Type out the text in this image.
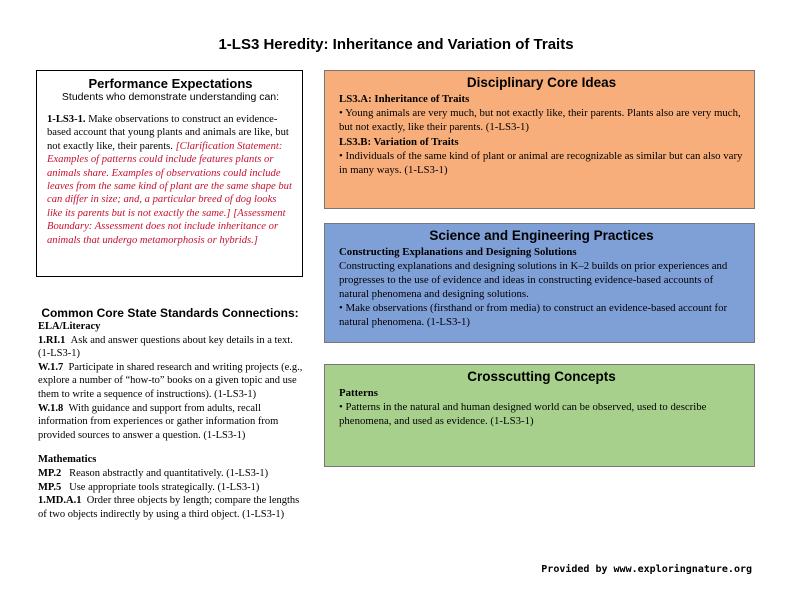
1-LS3 Heredity: Inheritance and Variation of Traits
Performance Expectations
Students who demonstrate understanding can:
1-LS3-1. Make observations to construct an evidence-based account that young plants and animals are like, but not exactly like, their parents. [Clarification Statement: Examples of patterns could include features plants or animals share. Examples of observations could include leaves from the same kind of plant are the same shape but can differ in size; and, a particular breed of dog looks like its parents but is not exactly the same.] [Assessment Boundary: Assessment does not include inheritance or animals that undergo metamorphosis or hybrids.]
Common Core State Standards Connections:
ELA/Literacy
1.RI.1 Ask and answer questions about key details in a text. (1-LS3-1)
W.1.7 Participate in shared research and writing projects (e.g., explore a number of “how-to” books on a given topic and use them to write a sequence of instructions). (1-LS3-1)
W.1.8 With guidance and support from adults, recall information from experiences or gather information from provided sources to answer a question. (1-LS3-1)
Mathematics
MP.2 Reason abstractly and quantitatively. (1-LS3-1)
MP.5 Use appropriate tools strategically. (1-LS3-1)
1.MD.A.1 Order three objects by length; compare the lengths of two objects indirectly by using a third object. (1-LS3-1)
Disciplinary Core Ideas
LS3.A: Inheritance of Traits
• Young animals are very much, but not exactly like, their parents. Plants also are very much, but not exactly, like their parents. (1-LS3-1)
LS3.B: Variation of Traits
• Individuals of the same kind of plant or animal are recognizable as similar but can also vary in many ways. (1-LS3-1)
Science and Engineering Practices
Constructing Explanations and Designing Solutions
Constructing explanations and designing solutions in K–2 builds on prior experiences and progresses to the use of evidence and ideas in constructing evidence-based accounts of natural phenomena and designing solutions.
• Make observations (firsthand or from media) to construct an evidence-based account for natural phenomena. (1-LS3-1)
Crosscutting Concepts
Patterns
• Patterns in the natural and human designed world can be observed, used to describe phenomena, and used as evidence. (1-LS3-1)
Provided by www.exploringnature.org
